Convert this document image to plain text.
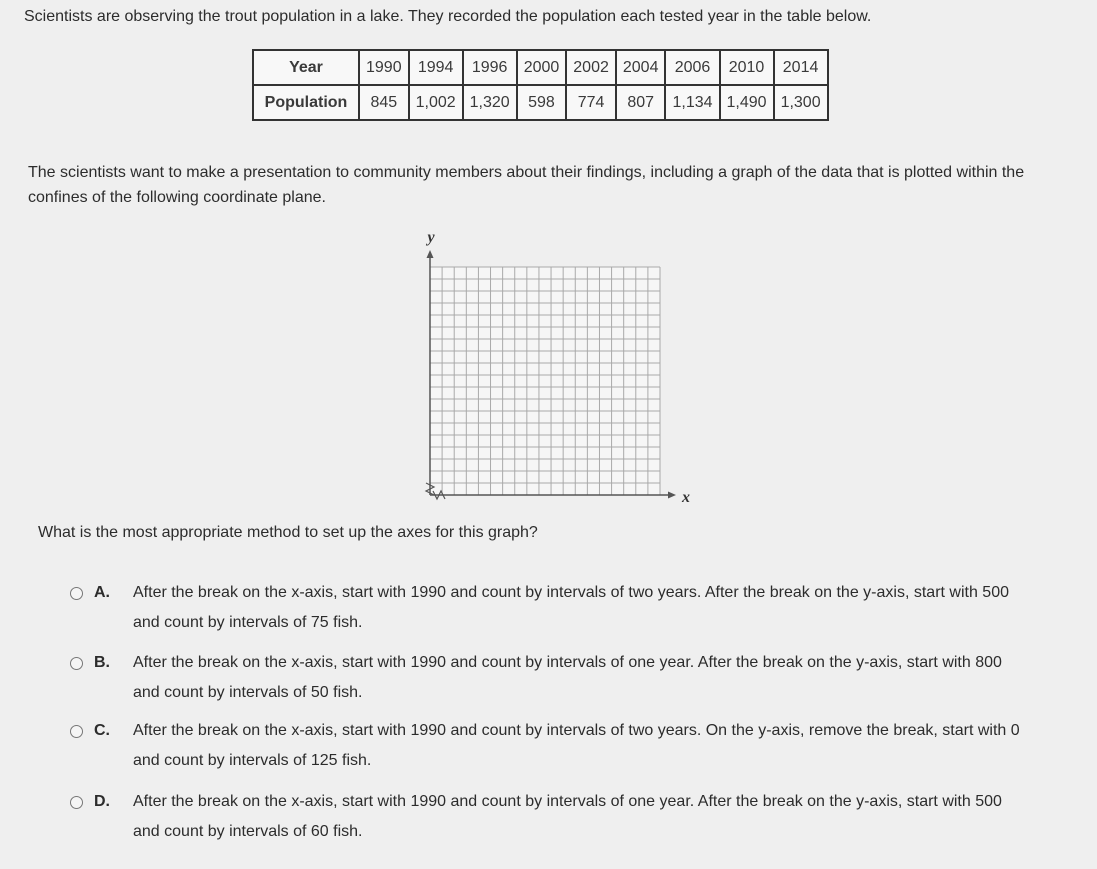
Scientists are observing the trout population in a lake. They recorded the population each tested year in the table below.
Year	1990	1994	1996	2000	2002	2004	2006	2010	2014
Population	845	1,002	1,320	598	774	807	1,134	1,490	1,300
The scientists want to make a presentation to community members about their findings, including a graph of the data that is plotted within the confines of the following coordinate plane.
y
x
What is the most appropriate method to set up the axes for this graph?
A. After the break on the x-axis, start with 1990 and count by intervals of two years. After the break on the y-axis, start with 500 and count by intervals of 75 fish.
B. After the break on the x-axis, start with 1990 and count by intervals of one year. After the break on the y-axis, start with 800 and count by intervals of 50 fish.
C. After the break on the x-axis, start with 1990 and count by intervals of two years. On the y-axis, remove the break, start with 0 and count by intervals of 125 fish.
D. After the break on the x-axis, start with 1990 and count by intervals of one year. After the break on the y-axis, start with 500 and count by intervals of 60 fish.
